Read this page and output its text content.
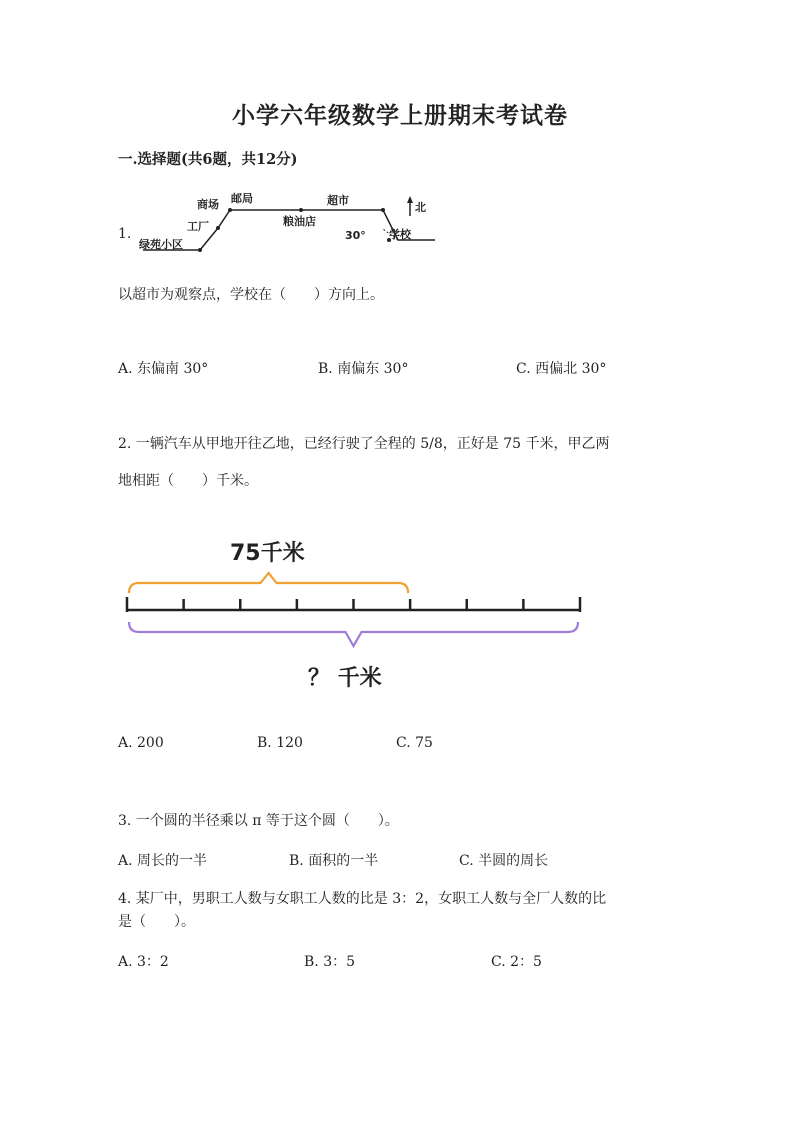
小学六年级数学上册期末考试卷
一.选择题(共6题，共12分)
1.
绿苑小区
工厂
商场 邮局
粮油店
超市
学校
30°
北
以超市为观察点，学校在（　　）方向上。
A. 东偏南 30°	B. 南偏东 30°	C. 西偏北 30°
2. 一辆汽车从甲地开往乙地，已经行驶了全程的 5/8，正好是 75 千米，甲乙两
地相距（　　）千米。
75千米
？ 千米
A. 200	B. 120	C. 75
3. 一个圆的半径乘以 π 等于这个圆（　　）。
A. 周长的一半	B. 面积的一半	C. 半圆的周长
4. 某厂中，男职工人数与女职工人数的比是 3：2，女职工人数与全厂人数的比
是（　　）。
A. 3：2	B. 3：5	C. 2：5
